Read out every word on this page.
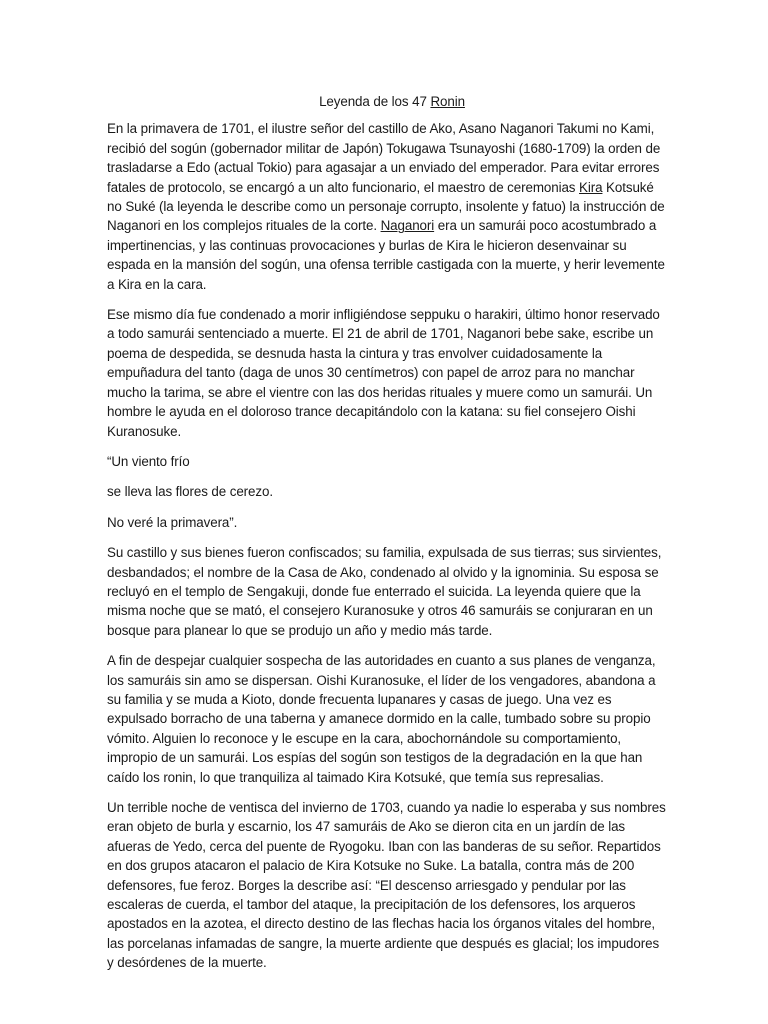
Leyenda de los 47 Ronin

En la primavera de 1701, el ilustre señor del castillo de Ako, Asano Naganori Takumi no Kami, recibió del sogún (gobernador militar de Japón) Tokugawa Tsunayoshi (1680-1709) la orden de trasladarse a Edo (actual Tokio) para agasajar a un enviado del emperador. Para evitar errores fatales de protocolo, se encargó a un alto funcionario, el maestro de ceremonias Kira Kotsuké no Suké (la leyenda le describe como un personaje corrupto, insolente y fatuo) la instrucción de Naganori en los complejos rituales de la corte. Naganori era un samurái poco acostumbrado a impertinencias, y las continuas provocaciones y burlas de Kira le hicieron desenvainar su espada en la mansión del sogún, una ofensa terrible castigada con la muerte, y herir levemente a Kira en la cara.

Ese mismo día fue condenado a morir infligiéndose seppuku o harakiri, último honor reservado a todo samurái sentenciado a muerte. El 21 de abril de 1701, Naganori bebe sake, escribe un poema de despedida, se desnuda hasta la cintura y tras envolver cuidadosamente la empuñadura del tanto (daga de unos 30 centímetros) con papel de arroz para no manchar mucho la tarima, se abre el vientre con las dos heridas rituales y muere como un samurái. Un hombre le ayuda en el doloroso trance decapitándolo con la katana: su fiel consejero Oishi Kuranosuke.

“Un viento frío
se lleva las flores de cerezo.
No veré la primavera”.

Su castillo y sus bienes fueron confiscados; su familia, expulsada de sus tierras; sus sirvientes, desbandados; el nombre de la Casa de Ako, condenado al olvido y la ignominia. Su esposa se recluyó en el templo de Sengakuji, donde fue enterrado el suicida. La leyenda quiere que la misma noche que se mató, el consejero Kuranosuke y otros 46 samuráis se conjuraran en un bosque para planear lo que se produjo un año y medio más tarde.

A fin de despejar cualquier sospecha de las autoridades en cuanto a sus planes de venganza, los samuráis sin amo se dispersan. Oishi Kuranosuke, el líder de los vengadores, abandona a su familia y se muda a Kioto, donde frecuenta lupanares y casas de juego. Una vez es expulsado borracho de una taberna y amanece dormido en la calle, tumbado sobre su propio vómito. Alguien lo reconoce y le escupe en la cara, abochornándole su comportamiento, impropio de un samurái. Los espías del sogún son testigos de la degradación en la que han caído los ronin, lo que tranquiliza al taimado Kira Kotsuké, que temía sus represalias.

Un terrible noche de ventisca del invierno de 1703, cuando ya nadie lo esperaba y sus nombres eran objeto de burla y escarnio, los 47 samuráis de Ako se dieron cita en un jardín de las afueras de Yedo, cerca del puente de Ryogoku. Iban con las banderas de su señor. Repartidos en dos grupos atacaron el palacio de Kira Kotsuke no Suke. La batalla, contra más de 200 defensores, fue feroz. Borges la describe así: “El descenso arriesgado y pendular por las escaleras de cuerda, el tambor del ataque, la precipitación de los defensores, los arqueros apostados en la azotea, el directo destino de las flechas hacia los órganos vitales del hombre, las porcelanas infamadas de sangre, la muerte ardiente que después es glacial; los impudores y desórdenes de la muerte.
